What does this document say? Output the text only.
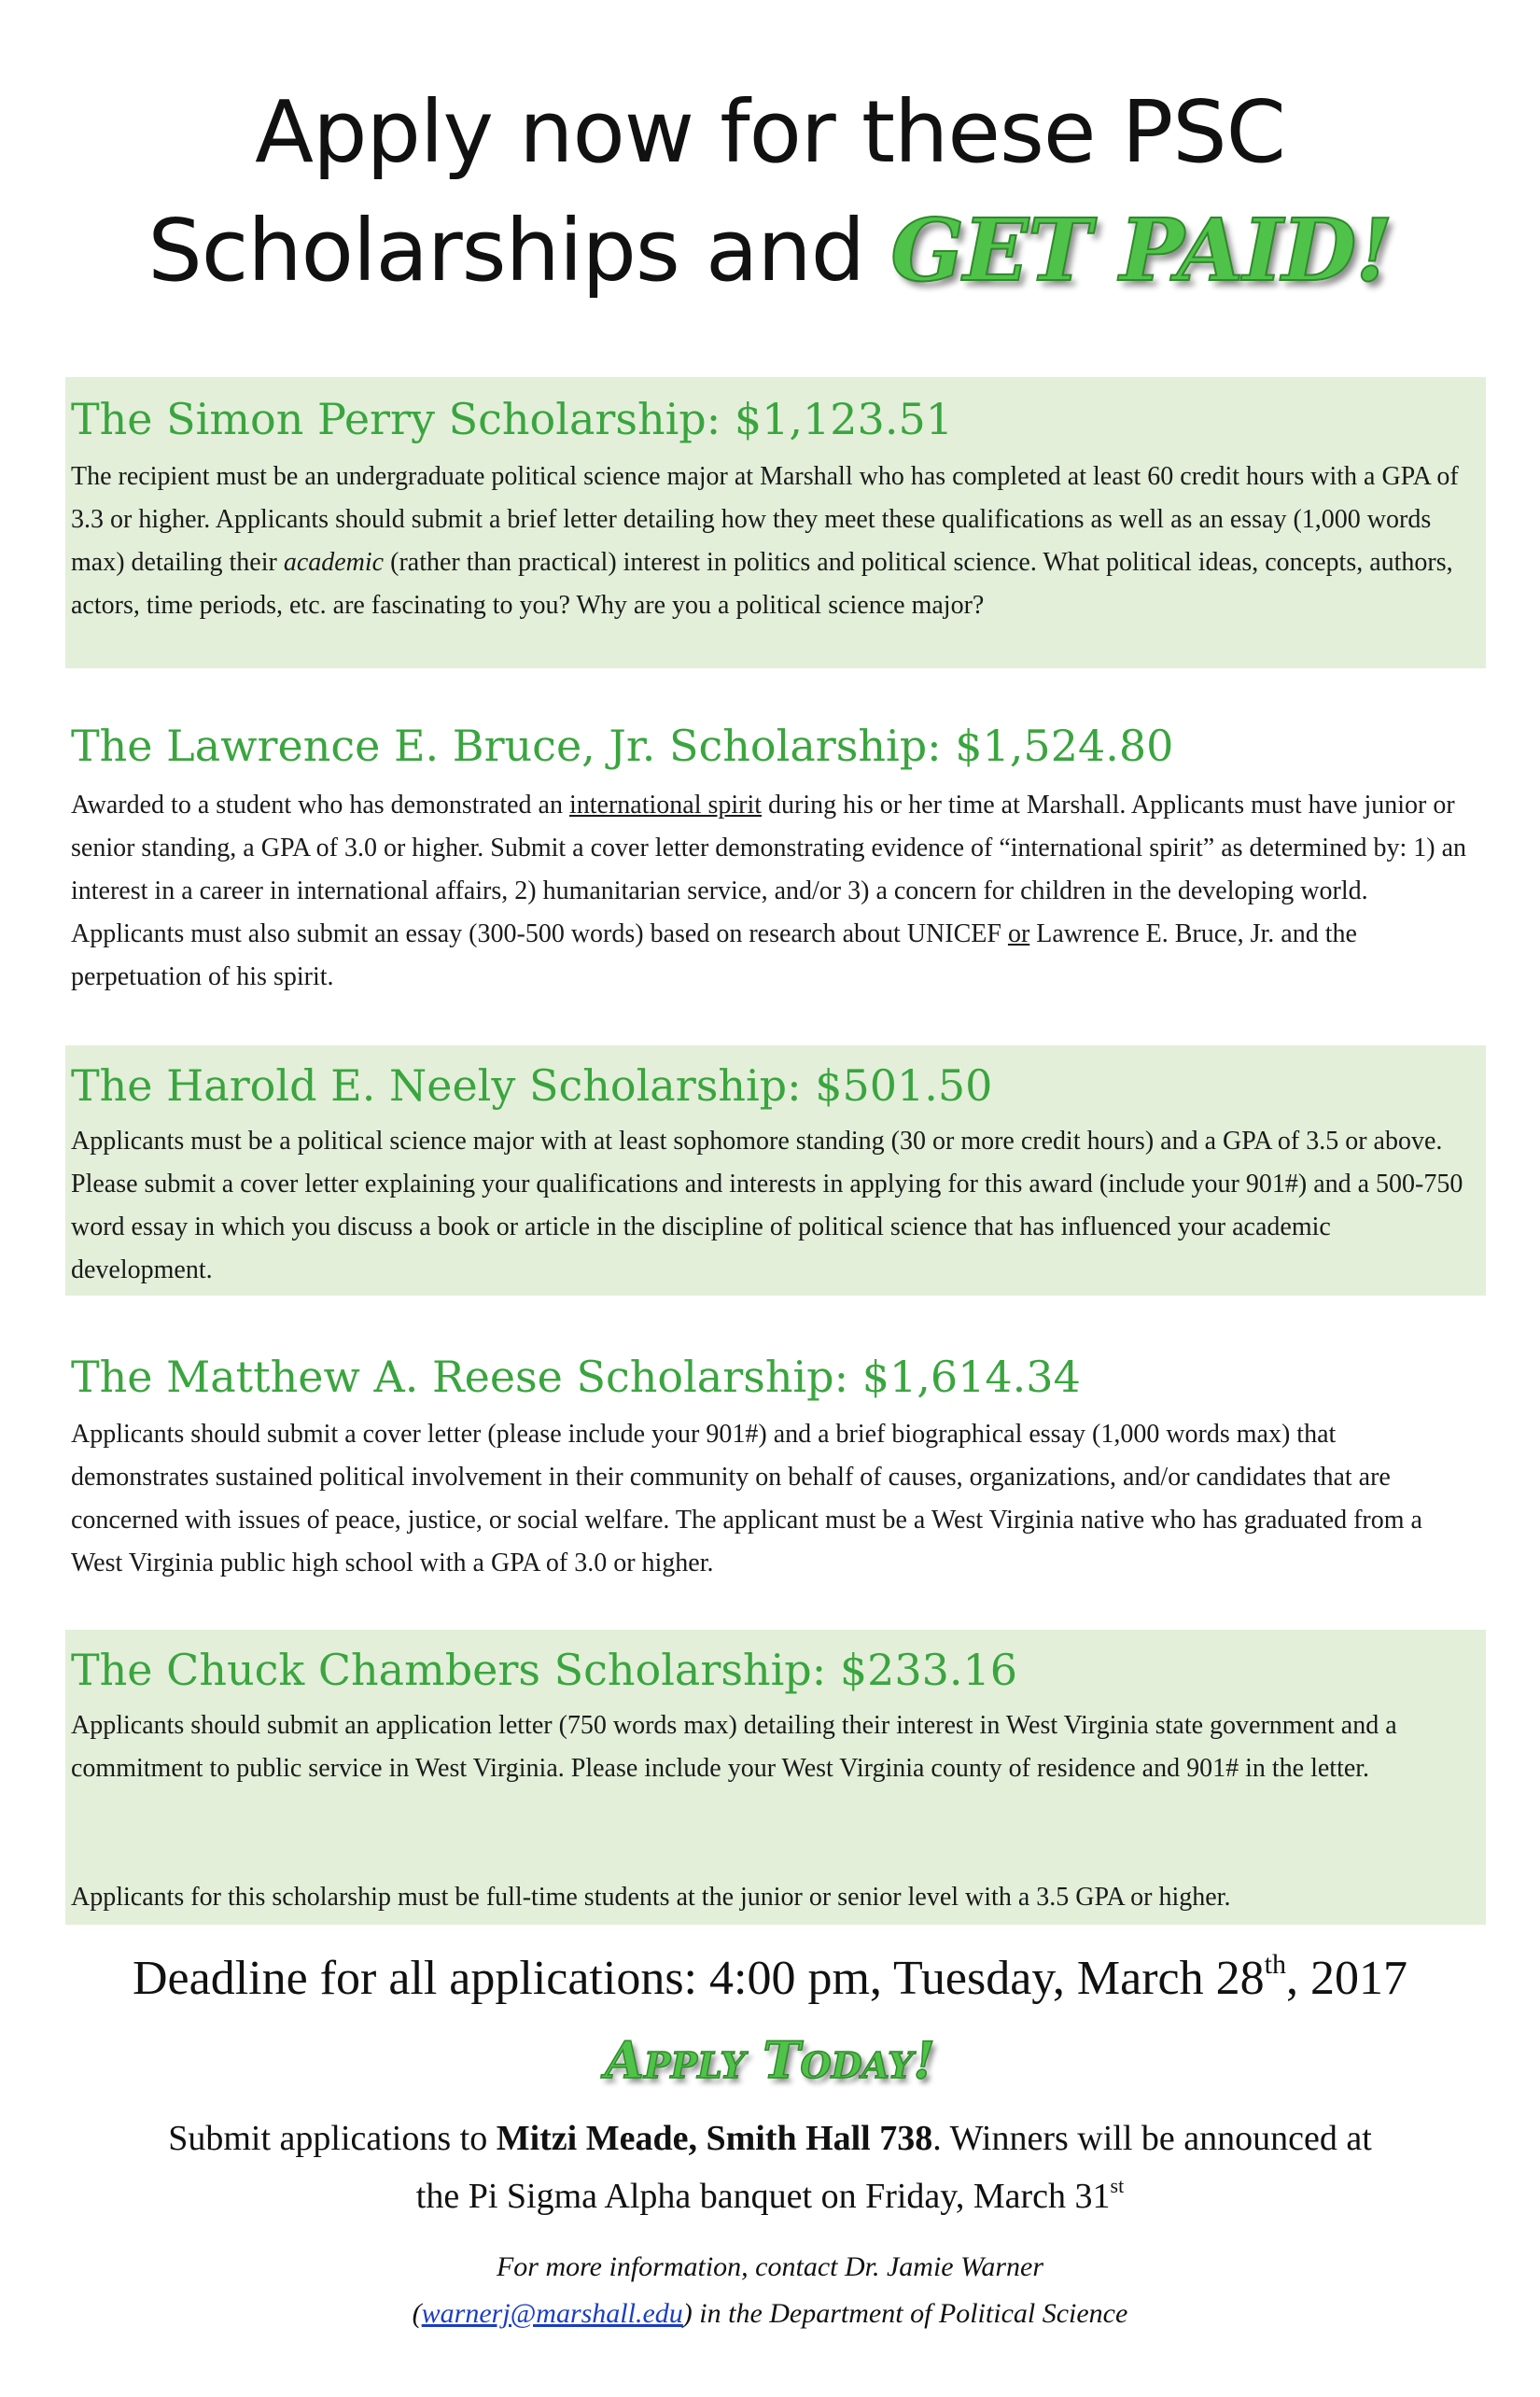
Apply now for these PSC
Scholarships and GET PAID!
The Simon Perry Scholarship: $1,123.51
The recipient must be an undergraduate political science major at Marshall who has completed at least 60 credit hours with a GPA of 3.3 or higher. Applicants should submit a brief letter detailing how they meet these qualifications as well as an essay (1,000 words max) detailing their academic (rather than practical) interest in politics and political science. What political ideas, concepts, authors, actors, time periods, etc. are fascinating to you? Why are you a political science major?
The Lawrence E. Bruce, Jr. Scholarship: $1,524.80
Awarded to a student who has demonstrated an international spirit during his or her time at Marshall. Applicants must have junior or senior standing, a GPA of 3.0 or higher. Submit a cover letter demonstrating evidence of “international spirit” as determined by: 1) an interest in a career in international affairs, 2) humanitarian service, and/or 3) a concern for children in the developing world. Applicants must also submit an essay (300-500 words) based on research about UNICEF or Lawrence E. Bruce, Jr. and the perpetuation of his spirit.
The Harold E. Neely Scholarship: $501.50
Applicants must be a political science major with at least sophomore standing (30 or more credit hours) and a GPA of 3.5 or above. Please submit a cover letter explaining your qualifications and interests in applying for this award (include your 901#) and a 500-750 word essay in which you discuss a book or article in the discipline of political science that has influenced your academic development.
The Matthew A. Reese Scholarship: $1,614.34
Applicants should submit a cover letter (please include your 901#) and a brief biographical essay (1,000 words max) that demonstrates sustained political involvement in their community on behalf of causes, organizations, and/or candidates that are concerned with issues of peace, justice, or social welfare. The applicant must be a West Virginia native who has graduated from a West Virginia public high school with a GPA of 3.0 or higher.
The Chuck Chambers Scholarship: $233.16
Applicants should submit an application letter (750 words max) detailing their interest in West Virginia state government and a commitment to public service in West Virginia. Please include your West Virginia county of residence and 901# in the letter.
Applicants for this scholarship must be full-time students at the junior or senior level with a 3.5 GPA or higher.
Deadline for all applications: 4:00 pm, Tuesday, March 28th, 2017
Apply Today!
Submit applications to Mitzi Meade, Smith Hall 738. Winners will be announced at
the Pi Sigma Alpha banquet on Friday, March 31st
For more information, contact Dr. Jamie Warner
(warnerj@marshall.edu) in the Department of Political Science
